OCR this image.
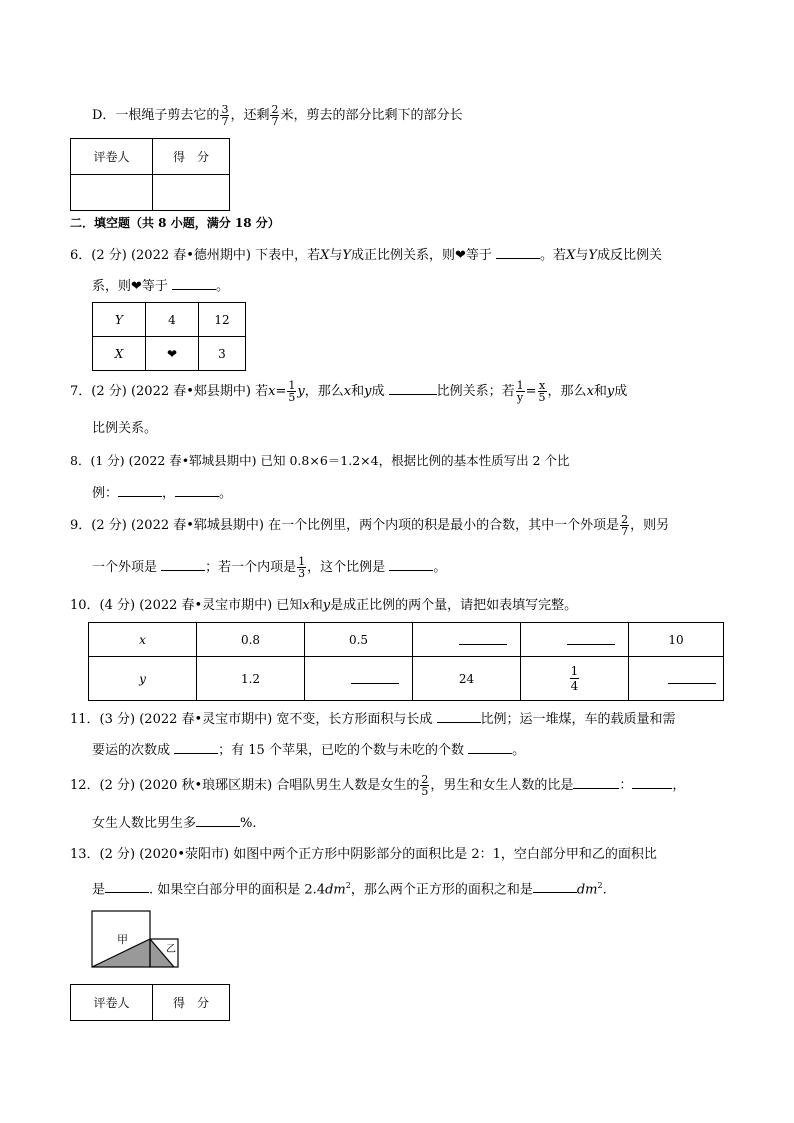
D．一根绳子剪去它的 $\frac{3}{7}$ ，还剩 $\frac{2}{7}$ 米，剪去的部分比剩下的部分长
评卷人	得　分

二．填空题（共 8 小题，满分 18 分）
6．(2 分) (2022 春•德州期中) 下表中，若X与Y成正比例关系，则❤等于	。若X与Y成反比例关
系，则❤等于	。
Y	4	12
X	❤	3
7．(2 分) (2022 春•郏县期中) 若$x= \frac{1}{5}$ y，那么x和y成	比例关系；若 $\frac{1}{y} = \frac{x}{5}$ ，那么x和y成
比例关系。
8．(1 分) (2022 春•郓城县期中) 已知 0.8×6＝1.2×4，根据比例的基本性质写出 2 个比
例：	，	。
9．(2 分) (2022 春•郓城县期中) 在一个比例里，两个内项的积是最小的合数，其中一个外项是 $\frac{2}{7}$ ，则另
一个外项是	；若一个内项是 $\frac{1}{3}$ ，这个比例是	。
10．(4 分) (2022 春•灵宝市期中) 已知x和y是成正比例的两个量，请把如表填写完整。
x	0.8	0.5			10
y	1.2		24	$\frac{1}{4}$

11．(3 分) (2022 春•灵宝市期中) 宽不变，长方形面积与长成	比例；运一堆煤，车的载质量和需
要运的次数成	；有 15 个苹果，已吃的个数与未吃的个数	。
12．(2 分) (2020 秋•琅琊区期末) 合唱队男生人数是女生的 $\frac{2}{5}$ ，男生和女生人数的比是	：	，
女生人数比男生多	%.
13．(2 分) (2020•荥阳市) 如图中两个正方形中阴影部分的面积比是 2：1，空白部分甲和乙的面积比
是	. 如果空白部分甲的面积是 $2.4dm^2$，那么两个正方形的面积之和是	$dm^2$.
甲
乙
评卷人	得　分
